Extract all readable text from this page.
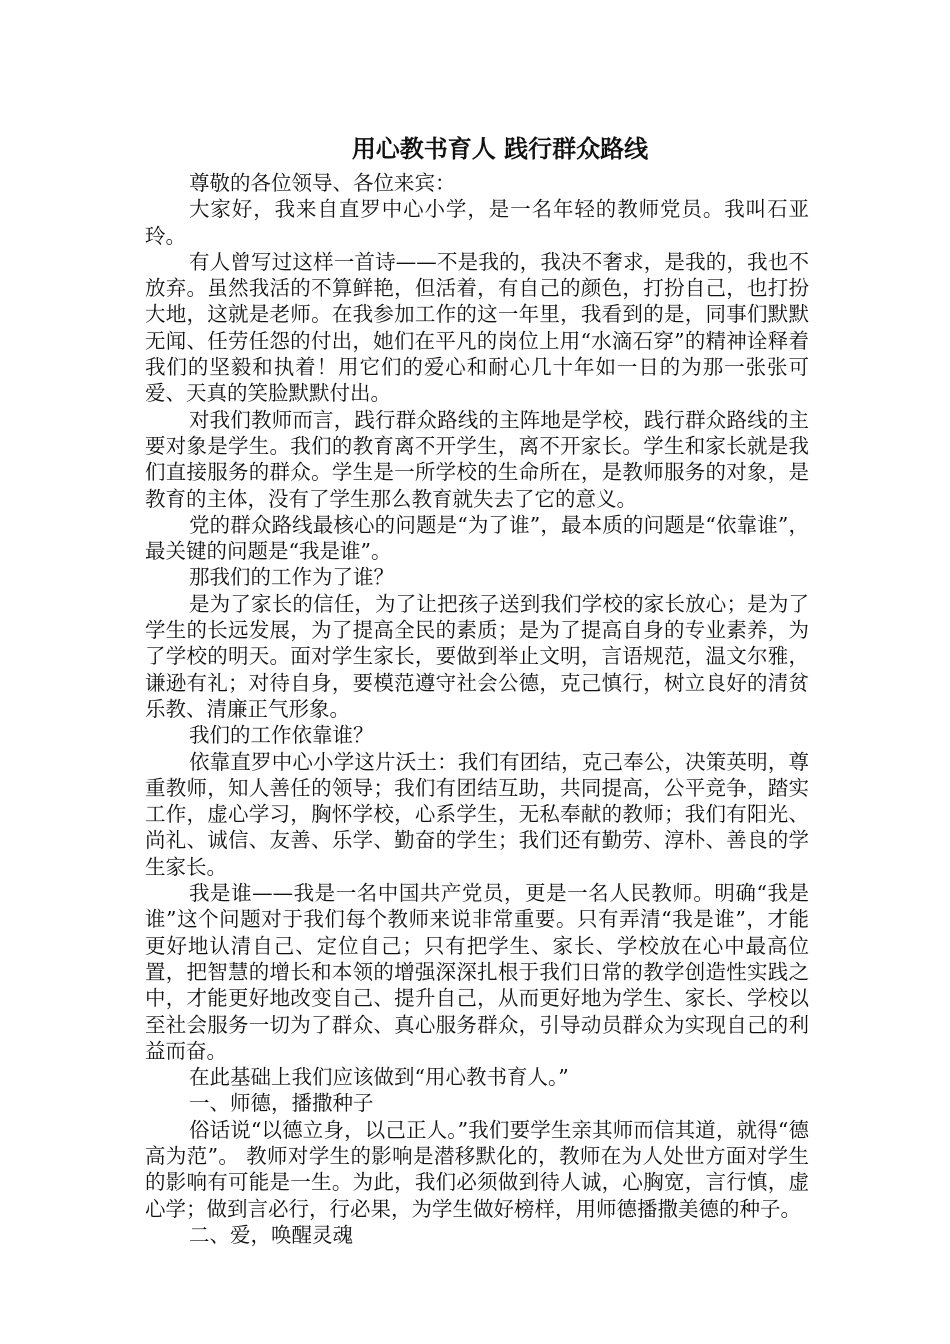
用心教书育人 践行群众路线

尊敬的各位领导、各位来宾：

大家好，我来自直罗中心小学，是一名年轻的教师党员。我叫石亚玲。

有人曾写过这样一首诗——不是我的，我决不奢求，是我的，我也不放弃。虽然我活的不算鲜艳，但活着，有自己的颜色，打扮自己，也打扮大地，这就是老师。在我参加工作的这一年里，我看到的是，同事们默默无闻、任劳任怨的付出，她们在平凡的岗位上用“水滴石穿”的精神诠释着我们的坚毅和执着！用它们的爱心和耐心几十年如一日的为那一张张可爱、天真的笑脸默默付出。

对我们教师而言，践行群众路线的主阵地是学校，践行群众路线的主要对象是学生。我们的教育离不开学生，离不开家长。学生和家长就是我们直接服务的群众。学生是一所学校的生命所在，是教师服务的对象，是教育的主体，没有了学生那么教育就失去了它的意义。

党的群众路线最核心的问题是“为了谁”，最本质的问题是“依靠谁”，最关键的问题是“我是谁”。

那我们的工作为了谁？

是为了家长的信任，为了让把孩子送到我们学校的家长放心；是为了学生的长远发展，为了提高全民的素质；是为了提高自身的专业素养，为了学校的明天。面对学生家长，要做到举止文明，言语规范，温文尔雅，谦逊有礼；对待自身，要模范遵守社会公德，克己慎行，树立良好的清贫乐教、清廉正气形象。

我们的工作依靠谁？

依靠直罗中心小学这片沃土：我们有团结，克己奉公，决策英明，尊重教师，知人善任的领导；我们有团结互助，共同提高，公平竞争，踏实工作，虚心学习，胸怀学校，心系学生，无私奉献的教师；我们有阳光、尚礼、诚信、友善、乐学、勤奋的学生；我们还有勤劳、淳朴、善良的学生家长。

我是谁——我是一名中国共产党员，更是一名人民教师。明确“我是谁”这个问题对于我们每个教师来说非常重要。只有弄清“我是谁”，才能更好地认清自己、定位自己；只有把学生、家长、学校放在心中最高位置，把智慧的增长和本领的增强深深扎根于我们日常的教学创造性实践之中，才能更好地改变自己、提升自己，从而更好地为学生、家长、学校以至社会服务一切为了群众、真心服务群众，引导动员群众为实现自己的利益而奋。

在此基础上我们应该做到“用心教书育人。”

一、师德，播撒种子

俗话说“以德立身，以己正人。”我们要学生亲其师而信其道，就得“德高为范”。 教师对学生的影响是潜移默化的，教师在为人处世方面对学生的影响有可能是一生。为此，我们必须做到待人诚，心胸宽，言行慎，虚心学；做到言必行，行必果，为学生做好榜样，用师德播撒美德的种子。

二、爱，唤醒灵魂
